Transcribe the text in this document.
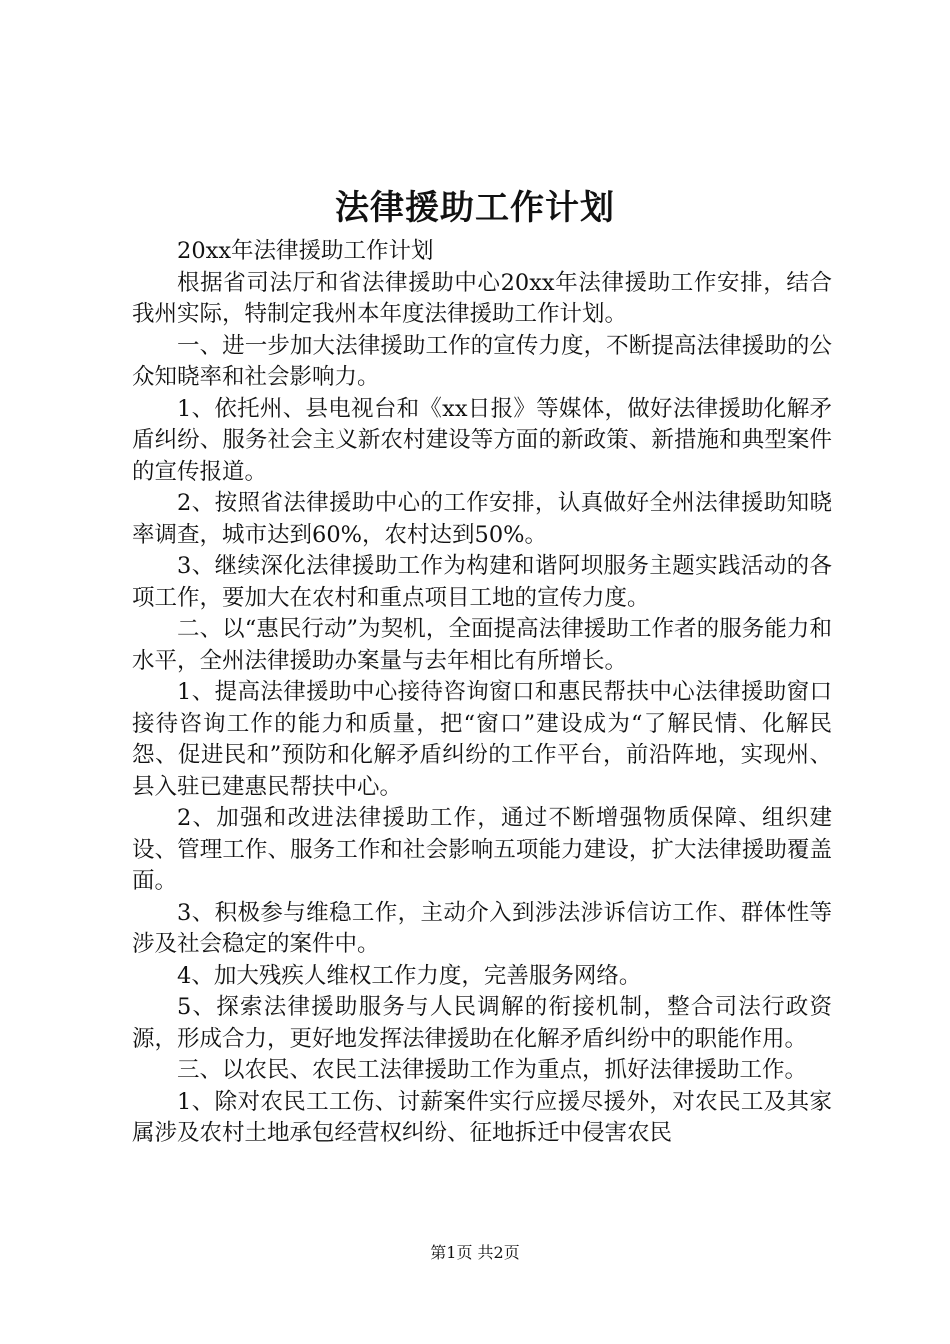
法律援助工作计划

20xx年法律援助工作计划

根据省司法厅和省法律援助中心20xx年法律援助工作安排，结合我州实际，特制定我州本年度法律援助工作计划。

一、进一步加大法律援助工作的宣传力度，不断提高法律援助的公众知晓率和社会影响力。

1、依托州、县电视台和《xx日报》等媒体，做好法律援助化解矛盾纠纷、服务社会主义新农村建设等方面的新政策、新措施和典型案件的宣传报道。

2、按照省法律援助中心的工作安排，认真做好全州法律援助知晓率调查，城市达到60%，农村达到50%。

3、继续深化法律援助工作为构建和谐阿坝服务主题实践活动的各项工作，要加大在农村和重点项目工地的宣传力度。

二、以“惠民行动”为契机，全面提高法律援助工作者的服务能力和水平，全州法律援助办案量与去年相比有所增长。

1、提高法律援助中心接待咨询窗口和惠民帮扶中心法律援助窗口接待咨询工作的能力和质量，把“窗口”建设成为“了解民情、化解民怨、促进民和”预防和化解矛盾纠纷的工作平台，前沿阵地，实现州、县入驻已建惠民帮扶中心。

2、加强和改进法律援助工作，通过不断增强物质保障、组织建设、管理工作、服务工作和社会影响五项能力建设，扩大法律援助覆盖面。

3、积极参与维稳工作，主动介入到涉法涉诉信访工作、群体性等涉及社会稳定的案件中。

4、加大残疾人维权工作力度，完善服务网络。

5、探索法律援助服务与人民调解的衔接机制，整合司法行政资源，形成合力，更好地发挥法律援助在化解矛盾纠纷中的职能作用。

三、以农民、农民工法律援助工作为重点，抓好法律援助工作。

1、除对农民工工伤、讨薪案件实行应援尽援外，对农民工及其家属涉及农村土地承包经营权纠纷、征地拆迁中侵害农民

第1页 共2页
